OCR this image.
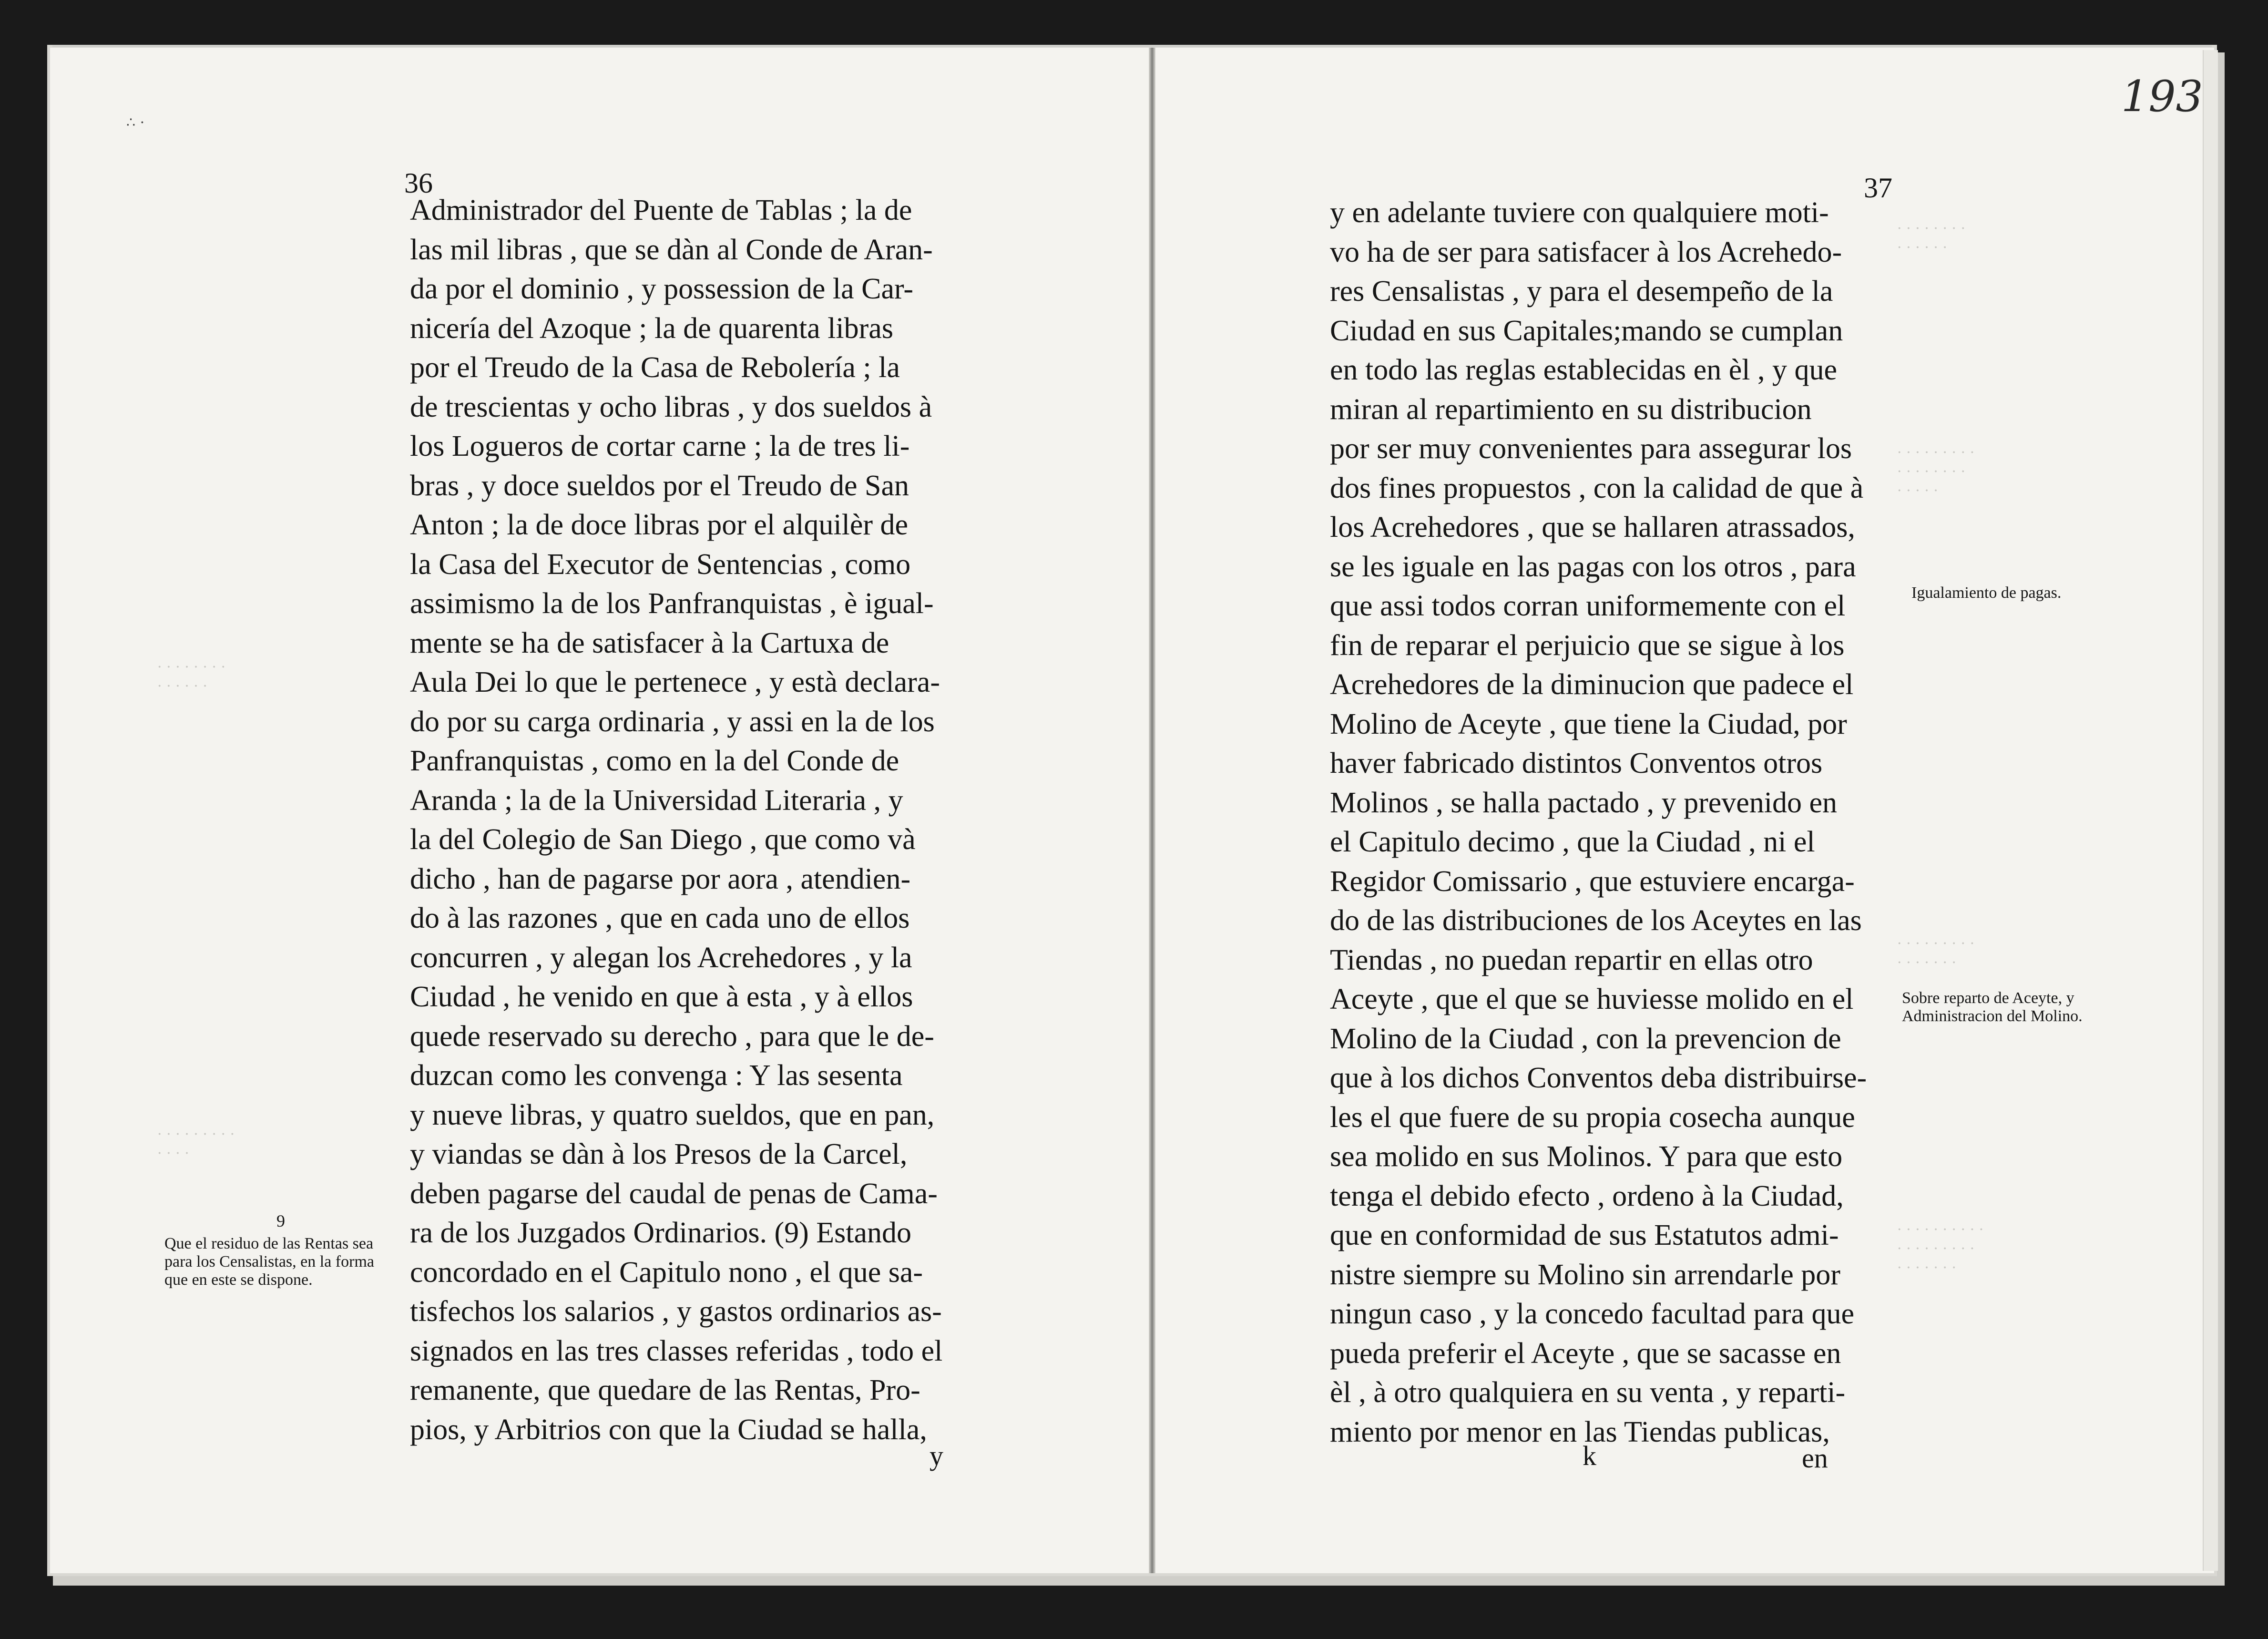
· · · · · · · ·
· · · · · ·
· · · · · · · · ·
· · · · · · · ·
· · · · ·
· · · · · · · · ·
· · · · · · ·
· · · · · · · · · ·
· · · · · · · · ·
· · · · · · ·
· · · · · · · ·
· · · · · ·
· · · · · · · · ·
· · · ·
∴ ·
193
36
Administrador del Puente de Tablas ; la de
las mil libras , que se dàn al Conde de Aran-
da por el dominio , y possession de la Car-
nicería del Azoque ; la de quarenta libras
por el Treudo de la Casa de Rebolería ; la
de trescientas y ocho libras , y dos sueldos à
los Logueros de cortar carne ; la de tres li-
bras , y doce sueldos por el Treudo de San
Anton ; la de doce libras por el alquilèr de
la Casa del Executor de Sentencias , como
assimismo la de los Panfranquistas , è igual-
mente se ha de satisfacer à la Cartuxa de
Aula Dei lo que le pertenece , y està declara-
do por su carga ordinaria , y assi en la de los
Panfranquistas , como en la del Conde de
Aranda ; la de la Universidad Literaria , y
la del Colegio de San Diego , que como và
dicho , han de pagarse por aora , atendien-
do à las razones , que en cada uno de ellos
concurren , y alegan los Acrehedores , y la
Ciudad , he venido en que à esta , y à ellos
quede reservado su derecho , para que le de-
duzcan como les convenga : Y las sesenta
y nueve libras, y quatro sueldos, que en pan,
y viandas se dàn à los Presos de la Carcel,
deben pagarse del caudal de penas de Cama-
ra de los Juzgados Ordinarios. (9) Estando
concordado en el Capitulo nono , el que sa-
tisfechos los salarios , y gastos ordinarios as-
signados en las tres classes referidas , todo el
remanente, que quedare de las Rentas, Pro-
pios, y Arbitrios con que la Ciudad se halla,
9
Que el residuo de las Rentas sea para los Censalistas, en la forma que en este se dispone.
y
37
y en adelante tuviere con qualquiere moti-
vo ha de ser para satisfacer à los Acrehedo-
res Censalistas , y para el desempeño de la
Ciudad en sus Capitales;mando se cumplan
en todo las reglas establecidas en èl , y que
miran al repartimiento en su distribucion
por ser muy convenientes para assegurar los
dos fines propuestos , con la calidad de que à
los Acrehedores , que se hallaren atrassados,
se les iguale en las pagas con los otros , para
que assi todos corran uniformemente con el
fin de reparar el perjuicio que se sigue à los
Acrehedores de la diminucion que padece el
Molino de Aceyte , que tiene la Ciudad, por
haver fabricado distintos Conventos otros
Molinos , se halla pactado , y prevenido en
el Capitulo decimo , que la Ciudad , ni el
Regidor Comissario , que estuviere encarga-
do de las distribuciones de los Aceytes en las
Tiendas , no puedan repartir en ellas otro
Aceyte , que el que se huviesse molido en el
Molino de la Ciudad , con la prevencion de
que à los dichos Conventos deba distribuirse-
les el que fuere de su propia cosecha aunque
sea molido en sus Molinos. Y para que esto
tenga el debido efecto , ordeno à la Ciudad,
que en conformidad de sus Estatutos admi-
nistre siempre su Molino sin arrendarle por
ningun caso , y la concedo facultad para que
pueda preferir el Aceyte , que se sacasse en
èl , à otro qualquiera en su venta , y reparti-
miento por menor en las Tiendas publicas,
Igualamiento de pagas.
Sobre reparto de Aceyte, y Administracion del Molino.
k	en
